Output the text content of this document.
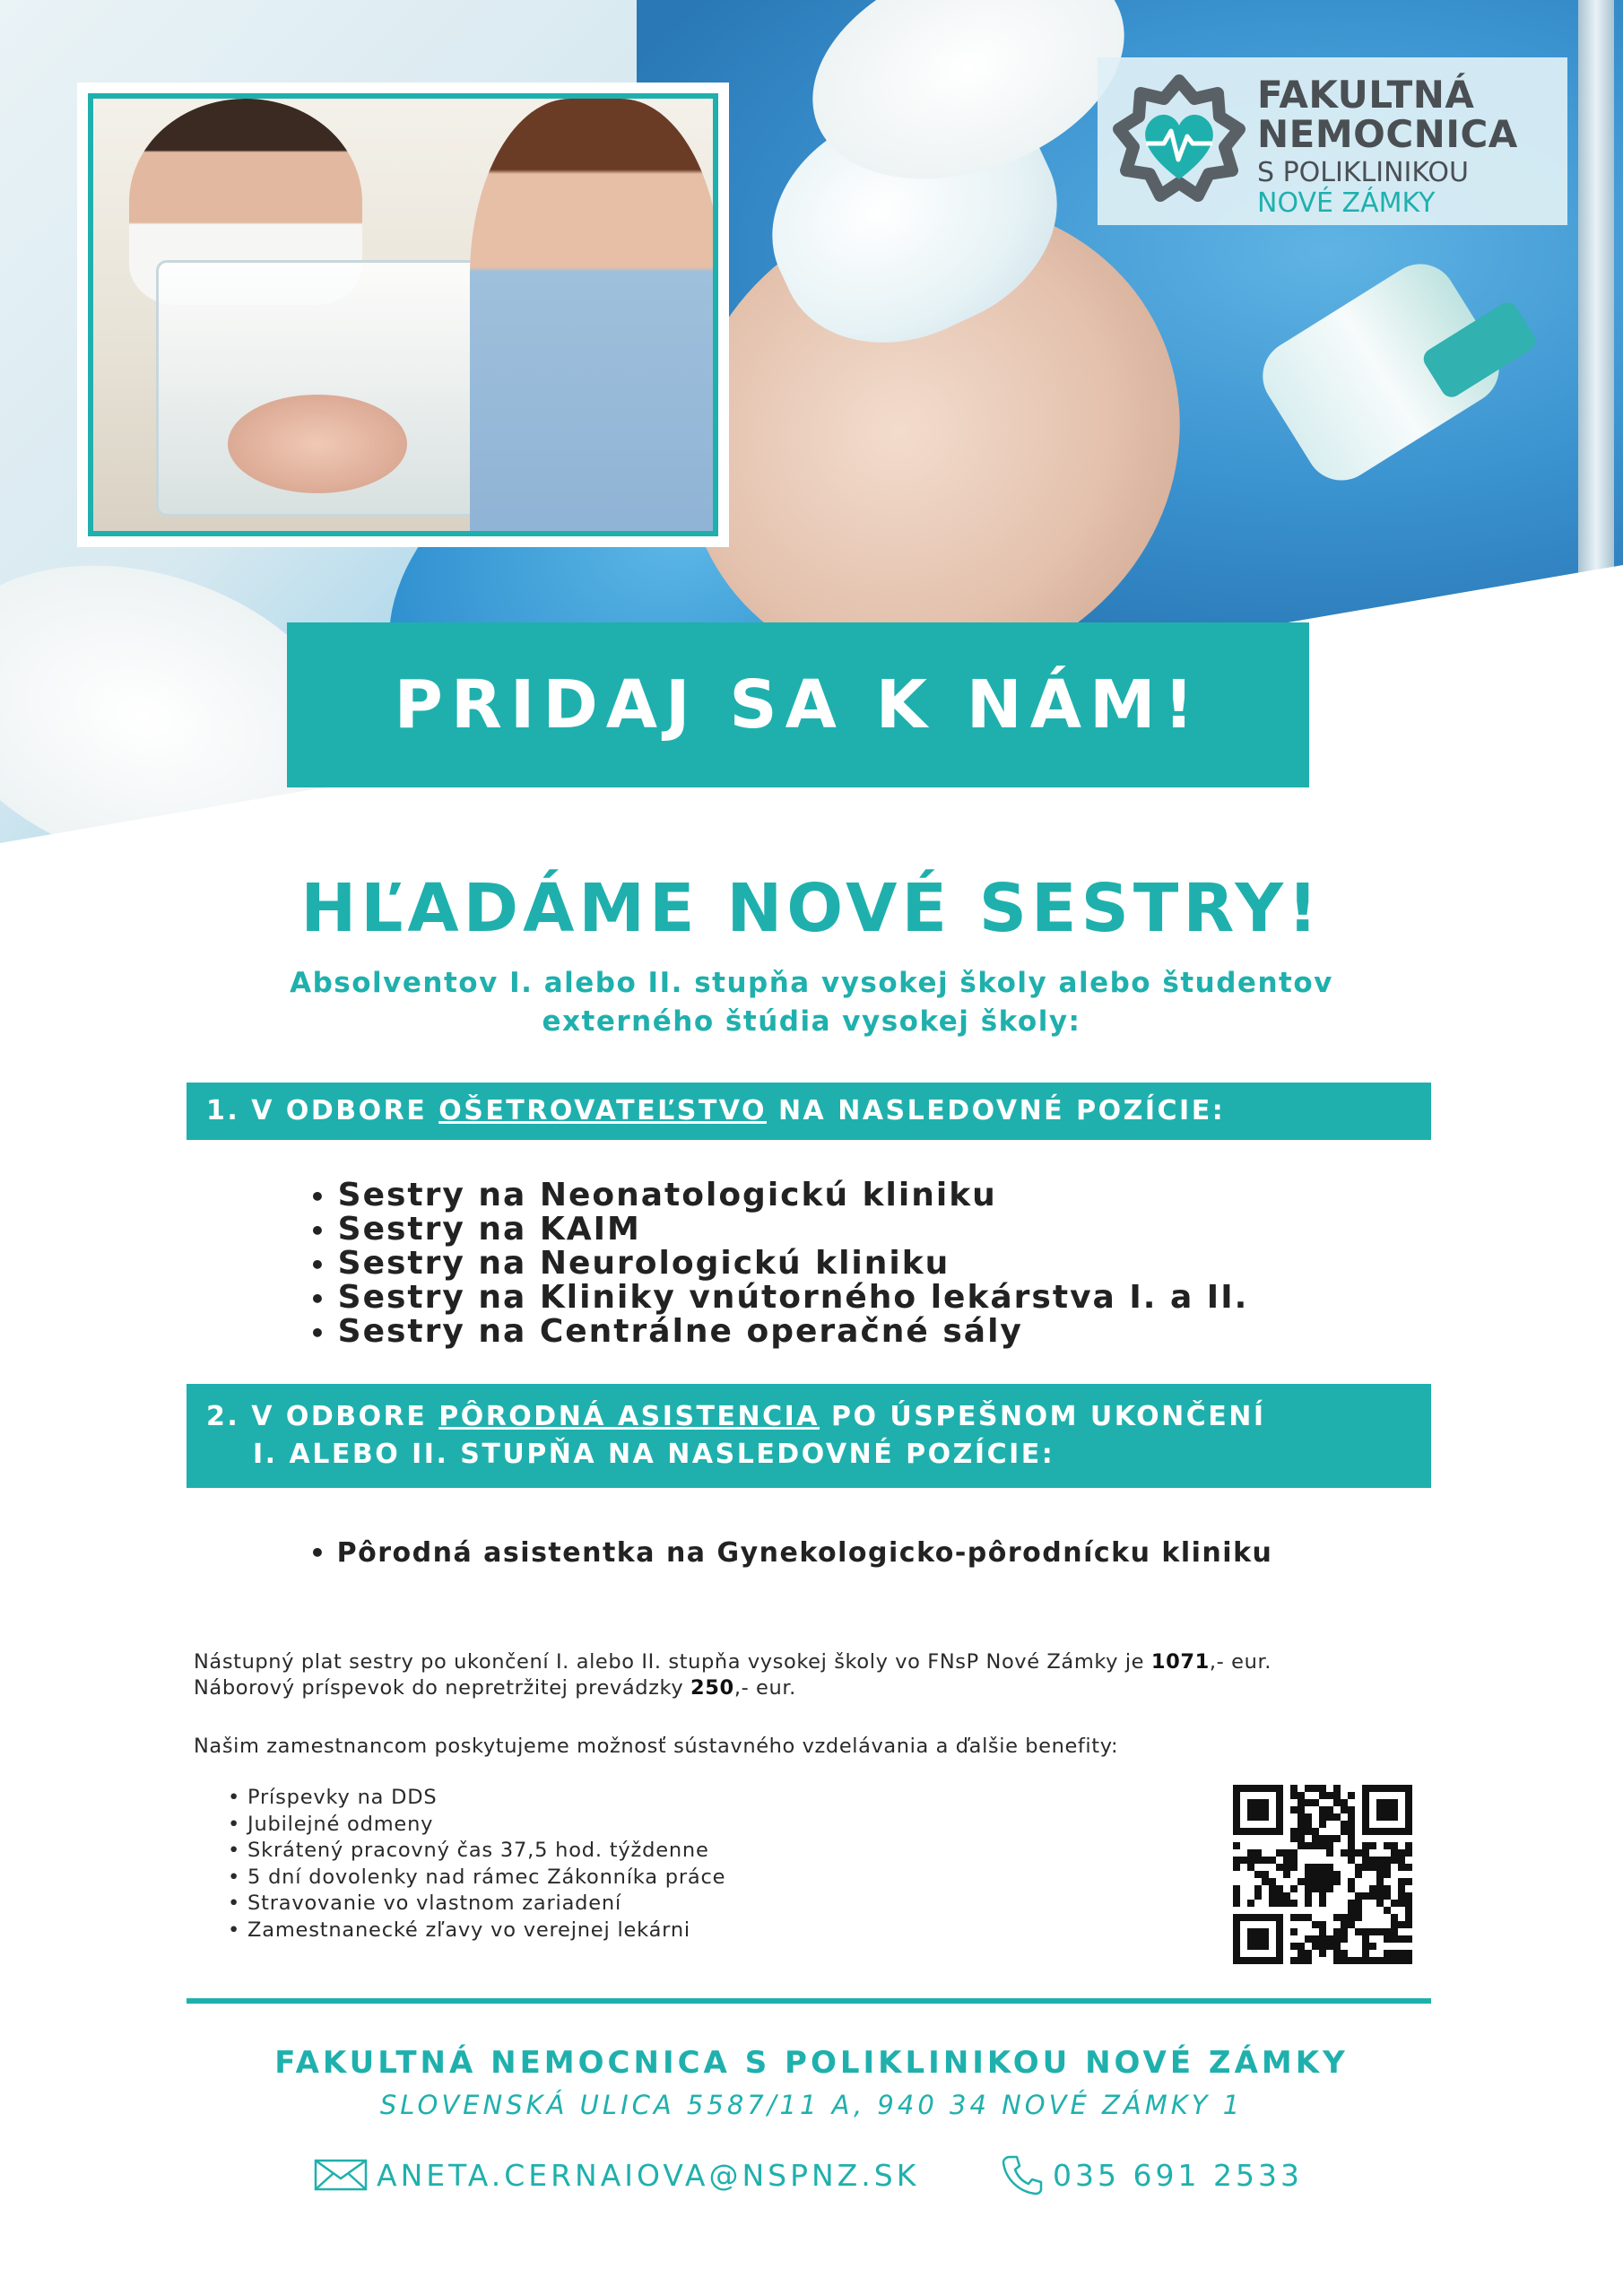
FAKULTNÁ
NEMOCNICA
S POLIKLINIKOU
NOVÉ ZÁMKY
PRIDAJ SA K NÁM!
HĽADÁME NOVÉ SESTRY!
Absolventov I. alebo II. stupňa vysokej školy alebo študentov
externého štúdia vysokej školy:
1. V ODBORE OŠETROVATEĽSTVO NA NASLEDOVNÉ POZÍCIE:
• Sestry na Neonatologickú kliniku
• Sestry na KAIM
• Sestry na Neurologickú kliniku
• Sestry na Kliniky vnútorného lekárstva I. a II.
• Sestry na Centrálne operačné sály
2. V ODBORE PÔRODNÁ ASISTENCIA PO ÚSPEŠNOM UKONČENÍ
I. ALEBO II. STUPŇA NA NASLEDOVNÉ POZÍCIE:
• Pôrodná asistentka na Gynekologicko-pôrodnícku kliniku
Nástupný plat sestry po ukončení I. alebo II. stupňa vysokej školy vo FNsP Nové Zámky je 1071,- eur.
Náborový príspevok do nepretržitej prevádzky 250,- eur.
Našim zamestnancom poskytujeme možnosť sústavného vzdelávania a ďalšie benefity:
• Príspevky na DDS
• Jubilejné odmeny
• Skrátený pracovný čas 37,5 hod. týždenne
• 5 dní dovolenky nad rámec Zákonníka práce
• Stravovanie vo vlastnom zariadení
• Zamestnanecké zľavy vo verejnej lekárni
FAKULTNÁ NEMOCNICA S POLIKLINIKOU NOVÉ ZÁMKY
SLOVENSKÁ ULICA 5587/11 A, 940 34 NOVÉ ZÁMKY 1
ANETA.CERNAIOVA@NSPNZ.SK	035 691 2533
